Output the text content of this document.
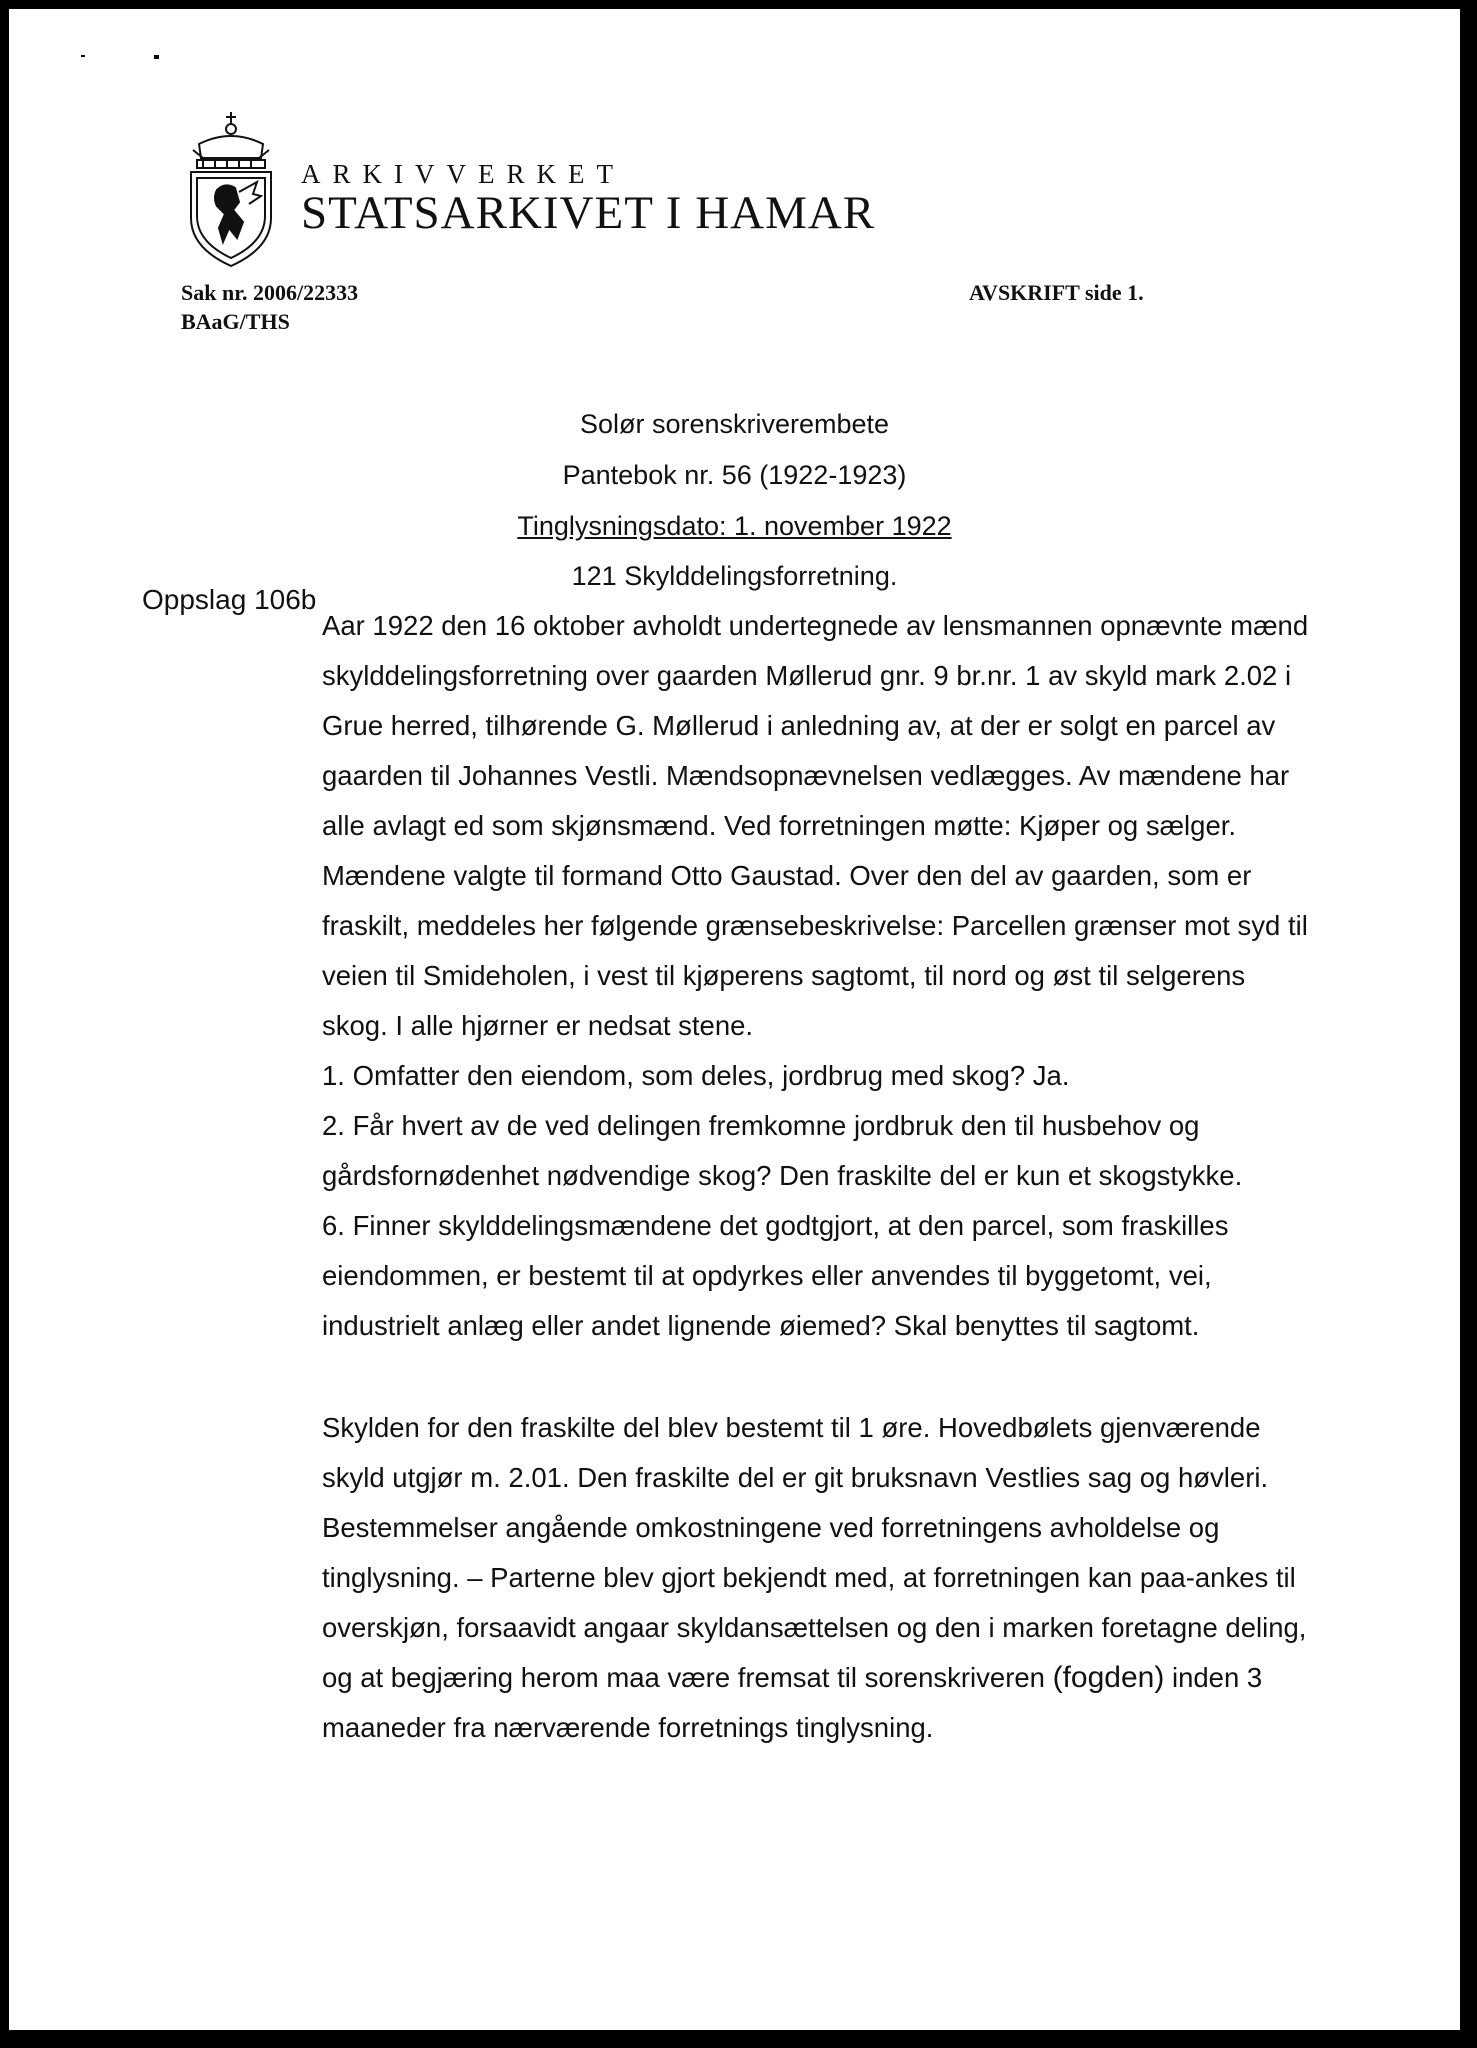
ARKIVVERKET

STATSARKIVET I HAMAR

Sak nr. 2006/22333

BAaG/THS

AVSKRIFT side 1.

Solør sorenskriverembete

Pantebok nr. 56 (1922-1923)

Tinglysningsdato: 1. november 1922

121 Skylddelingsforretning.

Oppslag 106b

Aar 1922 den 16 oktober avholdt undertegnede av lensmannen opnævnte mænd

skylddelingsforretning over gaarden Møllerud gnr. 9 br.nr. 1 av skyld mark 2.02 i

Grue herred, tilhørende G. Møllerud i anledning av, at der er solgt en parcel av

gaarden til Johannes Vestli. Mændsopnævnelsen vedlægges. Av mændene har

alle avlagt ed som skjønsmænd. Ved forretningen møtte: Kjøper og sælger.

Mændene valgte til formand Otto Gaustad. Over den del av gaarden, som er

fraskilt, meddeles her følgende grænsebeskrivelse: Parcellen grænser mot syd til

veien til Smideholen, i vest til kjøperens sagtomt, til nord og øst til selgerens

skog. I alle hjørner er nedsat stene.

1. Omfatter den eiendom, som deles, jordbrug med skog? Ja.

2. Får hvert av de ved delingen fremkomne jordbruk den til husbehov og

gårdsfornødenhet nødvendige skog? Den fraskilte del er kun et skogstykke.

6. Finner skylddelingsmændene det godtgjort, at den parcel, som fraskilles

eiendommen, er bestemt til at opdyrkes eller anvendes til byggetomt, vei,

industrielt anlæg eller andet lignende øiemed? Skal benyttes til sagtomt.

Skylden for den fraskilte del blev bestemt til 1 øre. Hovedbølets gjenværende

skyld utgjør m. 2.01. Den fraskilte del er git bruksnavn Vestlies sag og høvleri.

Bestemmelser angående omkostningene ved forretningens avholdelse og

tinglysning. – Parterne blev gjort bekjendt med, at forretningen kan paa-ankes til

overskjøn, forsaavidt angaar skyldansættelsen og den i marken foretagne deling,

og at begjæring herom maa være fremsat til sorenskriveren (fogden) inden 3

maaneder fra nærværende forretnings tinglysning.
